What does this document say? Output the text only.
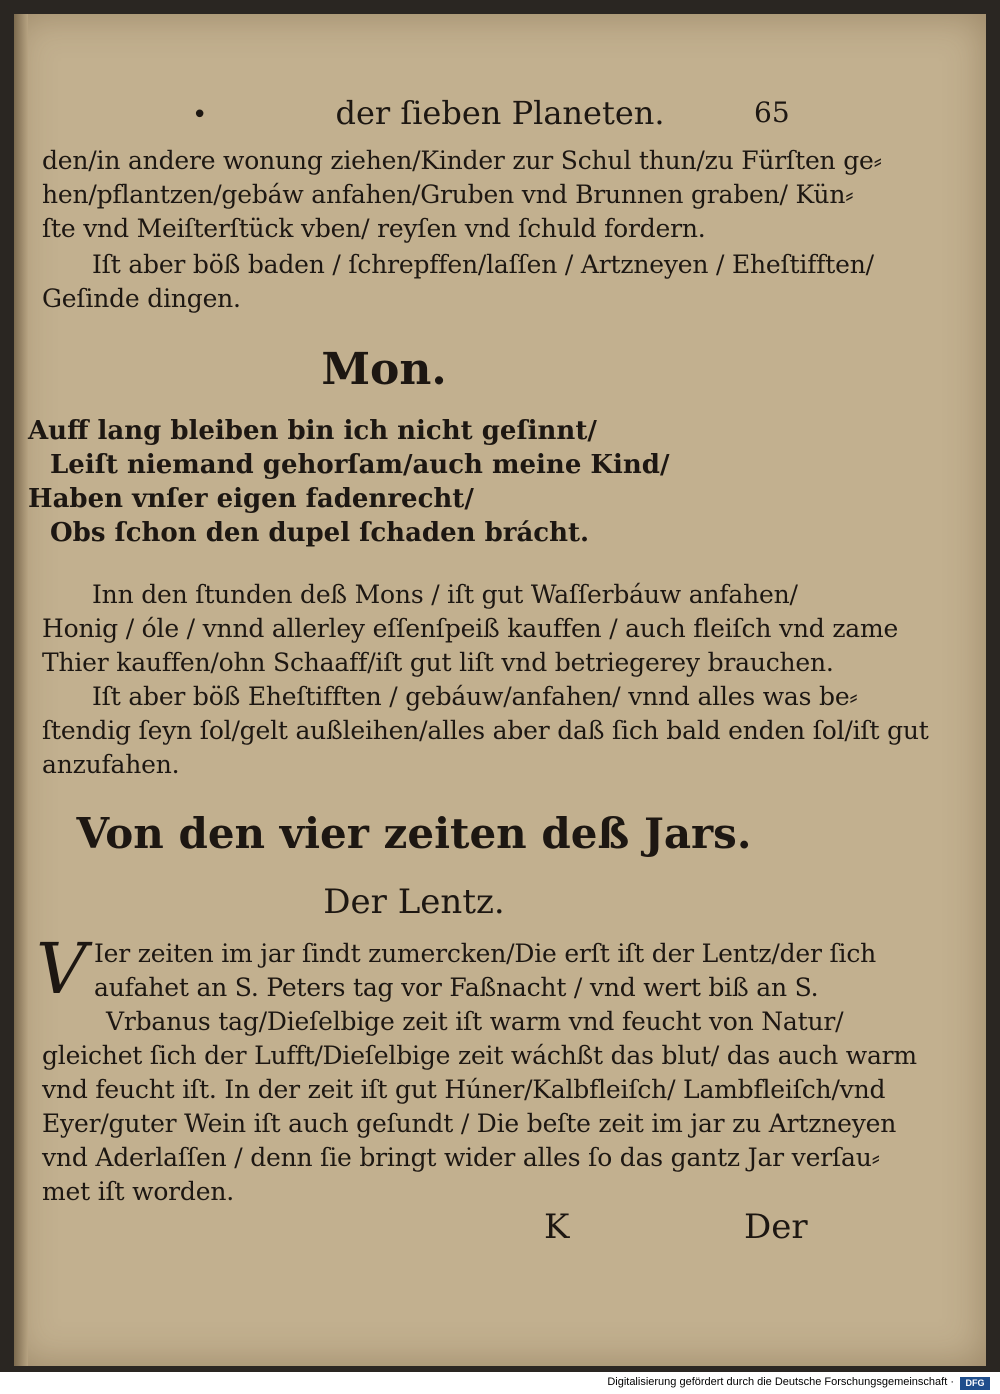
•	der ſieben Planeten.	65
den/in andere wonung ziehen/Kinder zur Schul thun/zu Fürſten ge⸗
hen/pflantzen/gebáw anfahen/Gruben vnd Brunnen graben/ Kün⸗
ſte vnd Meiſterſtück vben/ reyſen vnd ſchuld fordern.
Iſt aber böß baden / ſchrepffen/laſſen / Artzneyen / Eheſtifften/
Geſinde dingen.
Mon.
Auff lang bleiben bin ich nicht geſinnt/
Leiſt niemand gehorſam/auch meine Kind/
Haben vnſer eigen fadenrecht/
Obs ſchon den dupel ſchaden brácht.
Inn den ſtunden deß Mons / iſt gut Waſſerbáuw anfahen/
Honig / óle / vnnd allerley eſſenſpeiß kauffen / auch fleiſch vnd zame
Thier kauffen/ohn Schaaff/iſt gut liſt vnd betriegerey brauchen.
Iſt aber böß Eheſtifften / gebáuw/anfahen/ vnnd alles was be⸗
ſtendig ſeyn ſol/gelt außleihen/alles aber daß ſich bald enden ſol/iſt gut
anzufahen.
Von den vier zeiten deß Jars.
Der Lentz.
V Ier zeiten im jar ſindt zumercken/Die erſt iſt der Lentz/der ſich
aufahet an S. Peters tag vor Faßnacht / vnd wert biß an S.
Vrbanus tag/Dieſelbige zeit iſt warm vnd feucht von Natur/
gleichet ſich der Lufft/Dieſelbige zeit wáchßt das blut/ das auch warm
vnd feucht iſt. In der zeit iſt gut Húner/Kalbfleiſch/ Lambfleiſch/vnd
Eyer/guter Wein iſt auch geſundt / Die beſte zeit im jar zu Artzneyen
vnd Aderlaſſen / denn ſie bringt wider alles ſo das gantz Jar verſau⸗
met iſt worden.
K	Der
Digitalisierung gefördert durch die Deutsche Forschungsgemeinschaft ·	DFG
